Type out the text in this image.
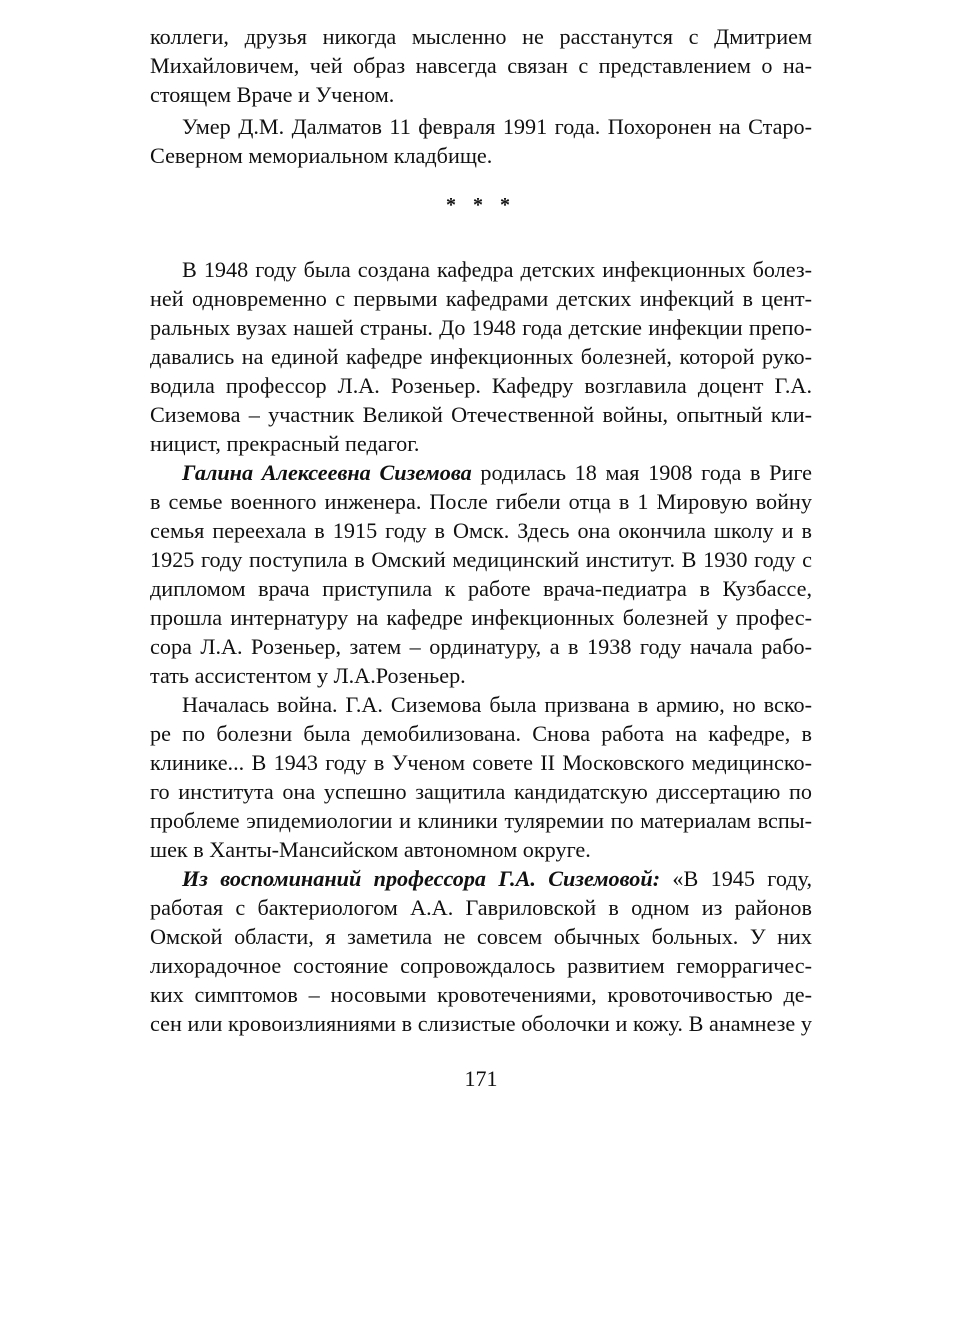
коллеги, друзья никогда мысленно не расстанутся с Дмитрием
Михайловичем, чей образ навсегда связан с представлением о на-
стоящем Враче и Ученом.
Умер Д.М. Далматов 11 февраля 1991 года. Похоронен на Старо-
Северном мемориальном кладбище.
* * *
В 1948 году была создана кафедра детских инфекционных болез-
ней одновременно с первыми кафедрами детских инфекций в цент-
ральных вузах нашей страны. До 1948 года детские инфекции препо-
давались на единой кафедре инфекционных болезней, которой руко-
водила профессор Л.А. Розеньер. Кафедру возглавила доцент Г.А.
Сиземова – участник Великой Отечественной войны, опытный кли-
ницист, прекрасный педагог.
Галина Алексеевна Сиземова родилась 18 мая 1908 года в Риге
в семье военного инженера. После гибели отца в 1 Мировую войну
семья переехала в 1915 году в Омск. Здесь она окончила школу и в
1925 году поступила в Омский медицинский институт. В 1930 году с
дипломом врача приступила к работе врача-педиатра в Кузбассе,
прошла интернатуру на кафедре инфекционных болезней у профес-
сора Л.А. Розеньер, затем – ординатуру, а в 1938 году начала рабо-
тать ассистентом у Л.А.Розеньер.
Началась война. Г.А. Сиземова была призвана в армию, но вско-
ре по болезни была демобилизована. Снова работа на кафедре, в
клинике... В 1943 году в Ученом совете II Московского медицинско-
го института она успешно защитила кандидатскую диссертацию по
проблеме эпидемиологии и клиники туляремии по материалам вспы-
шек в Ханты-Мансийском автономном округе.
Из воспоминаний профессора Г.А. Сиземовой: «В 1945 году,
работая с бактериологом А.А. Гавриловской в одном из районов
Омской области, я заметила не совсем обычных больных. У них
лихорадочное состояние сопровождалось развитием геморрагичес-
ких симптомов – носовыми кровотечениями, кровоточивостью де-
сен или кровоизлияниями в слизистые оболочки и кожу. В анамнезе у
171
